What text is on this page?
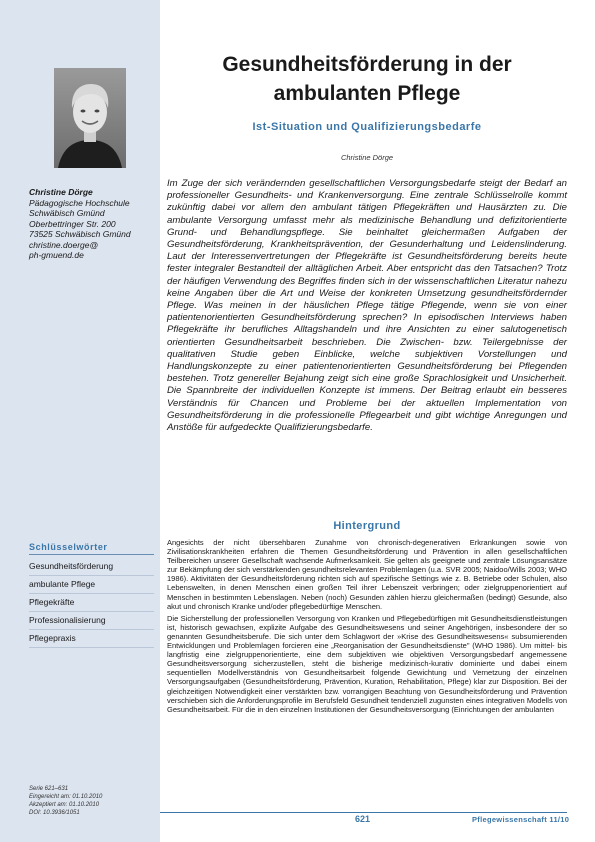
Christine Dörge
Pädagogische Hochschule
Schwäbisch Gmünd
Oberbettringer Str. 200
73525 Schwäbisch Gmünd
christine.doerge@
ph-gmuend.de
Schlüsselwörter
Gesundheitsförderung
ambulante Pflege
Pflegekräfte
Professionalisierung
Pflegepraxis
Serie 621–631
Eingereicht am: 01.10.2010
Akzeptiert am: 01.10.2010
DOI: 10.3936/1051
Gesundheitsförderung in der
ambulanten Pflege
Ist-Situation und Qualifizierungsbedarfe
Christine Dörge

Im Zuge der sich verändernden gesellschaftlichen Versorgungsbedarfe steigt der Bedarf an professioneller Gesundheits- und Krankenversorgung. Eine zentrale Schlüsselrolle kommt zukünftig dabei vor allem den ambulant tätigen Pflegekräften und Hausärzten zu. Die ambulante Versorgung umfasst mehr als medizinische Behandlung und defizitorientierte Grund- und Behandlungspflege. Sie beinhaltet gleichermaßen Aufgaben der Gesundheitsförderung, Krankheitsprävention, der Gesunderhaltung und Leidenslinderung. Laut der Interessenvertretungen der Pflegekräfte ist Gesundheitsförderung bereits heute fester integraler Bestandteil der alltäglichen Arbeit. Aber entspricht das den Tatsachen? Trotz der häufigen Verwendung des Begriffes finden sich in der wissenschaftlichen Literatur nahezu keine Angaben über die Art und Weise der konkreten Umsetzung gesundheitsfördernder Pflege. Was meinen in der häuslichen Pflege tätige Pflegende, wenn sie von einer patientenorientierten Gesundheitsförderung sprechen? In episodischen Interviews haben Pflegekräfte ihr berufliches Alltagshandeln und ihre Ansichten zu einer salutogenetisch orientierten Gesundheitsarbeit beschrieben. Die Zwischen- bzw. Teilergebnisse der qualitativen Studie geben Einblicke, welche subjektiven Vorstellungen und Handlungskonzepte zu einer patientenorientierten Gesundheitsförderung bei Pflegenden bestehen. Trotz genereller Bejahung zeigt sich eine große Sprachlosigkeit und Unsicherheit. Die Spannbreite der individuellen Konzepte ist immens. Der Beitrag erlaubt ein besseres Verständnis für Chancen und Probleme bei der aktuellen Implementation von Gesundheitsförderung in die professionelle Pflegearbeit und gibt wichtige Anregungen und Anstöße für aufgedeckte Qualifizierungsbedarfe.

Hintergrund

Angesichts der nicht übersehbaren Zunahme von chronisch-degenerativen Erkrankungen sowie von Zivilisationskrankheiten erfahren die Themen Gesundheitsförderung und Prävention in allen gesellschaftlichen Teilbereichen unserer Gesellschaft wachsende Aufmerksamkeit. Sie gelten als geeignete und zentrale Lösungsansätze zur Bekämpfung der sich verstärkenden gesundheitsrelevanten Problemlagen (u.a. SVR 2005; Naidoo/Wills 2003; WHO 1986). Aktivitäten der Gesundheitsförderung richten sich auf spezifische Settings wie z. B. Betriebe oder Schulen, also Lebenswelten, in denen Menschen einen großen Teil ihrer Lebenszeit verbringen; oder zielgruppenorientiert auf Menschen in bestimmten Lebenslagen. Neben (noch) Gesunden zählen hierzu gleichermaßen (bedingt) Gesunde, also akut und chronisch Kranke und/oder pflegebedürftige Menschen.

Die Sicherstellung der professionellen Versorgung von Kranken und Pflegebedürftigen mit Gesundheitsdienstleistungen ist, historisch gewachsen, explizite Aufgabe des Gesundheitswesens und seiner Angehörigen, insbesondere der so genannten Gesundheitsberufe. Die sich unter dem Schlagwort der »Krise des Gesundheitswesens« subsumierenden Entwicklungen und Problemlagen forcieren eine „Reorganisation der Gesundheitsdienste" (WHO 1986). Um mittel- bis langfristig eine zielgruppenorientierte, eine dem subjektiven wie objektiven Versorgungsbedarf angemessene Gesundheitsversorgung sicherzustellen, steht die bisherige medizinisch-kurativ dominierte und dabei einem sequentiellen Modellverständnis von Gesundheitsarbeit folgende Gewichtung und Vernetzung der einzelnen Versorgungsaufgaben (Gesundheitsförderung, Prävention, Kuration, Rehabilitation, Pflege) klar zur Disposition. Bei der gleichzeitigen Notwendigkeit einer verstärkten bzw. vorrangigen Beachtung von Gesundheitsförderung und Prävention verschieben sich die Anforderungsprofile im Berufsfeld Gesundheit tendenziell zugunsten eines integrativen Modells von Gesundheitsarbeit. Für die in den einzelnen Institutionen der Gesundheitsversorgung (Einrichtungen der ambulanten

621	Pflegewissenschaft 11/10
